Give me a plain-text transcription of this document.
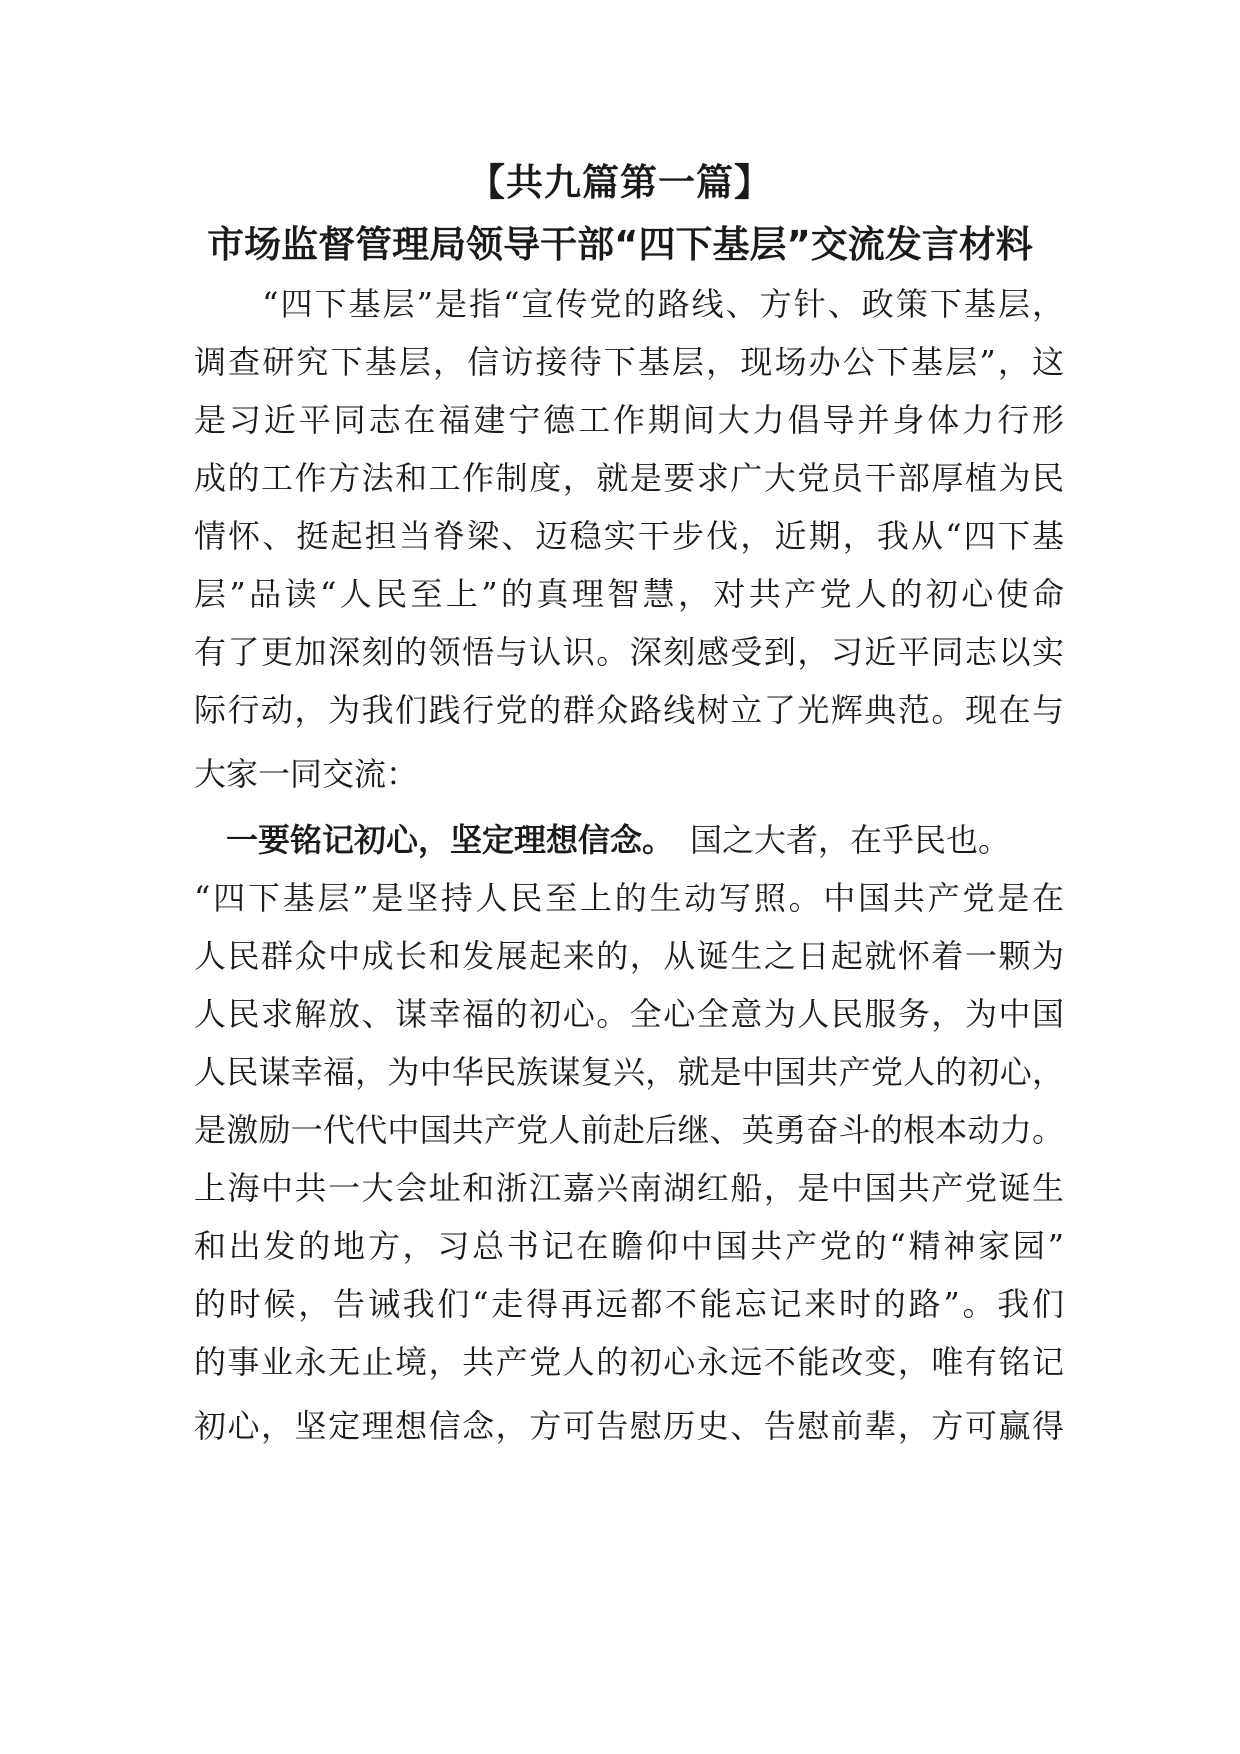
【共九篇第一篇】
市场监督管理局领导干部“四下基层”交流发言材料
　　“四下基层”是指“宣传党的路线、方针、政策下基层，
调查研究下基层，信访接待下基层，现场办公下基层”，这
是习近平同志在福建宁德工作期间大力倡导并身体力行形
成的工作方法和工作制度，就是要求广大党员干部厚植为民
情怀、挺起担当脊梁、迈稳实干步伐，近期，我从“四下基
层”品读“人民至上”的真理智慧，对共产党人的初心使命
有了更加深刻的领悟与认识。深刻感受到，习近平同志以实
际行动，为我们践行党的群众路线树立了光辉典范。现在与
大家一同交流：
　一要铭记初心，坚定理想信念。　 国之大者，在乎民也。
“四下基层”是坚持人民至上的生动写照。中国共产党是在
人民群众中成长和发展起来的，从诞生之日起就怀着一颗为
人民求解放、谋幸福的初心。全心全意为人民服务，为中国
人民谋幸福，为中华民族谋复兴，就是中国共产党人的初心，
是激励一代代中国共产党人前赴后继、英勇奋斗的根本动力。
上海中共一大会址和浙江嘉兴南湖红船，是中国共产党诞生
和出发的地方，习总书记在瞻仰中国共产党的“精神家园”
的时候，告诫我们“走得再远都不能忘记来时的路”。我们
的事业永无止境，共产党人的初心永远不能改变，唯有铭记
初心，坚定理想信念，方可告慰历史、告慰前辈，方可赢得
